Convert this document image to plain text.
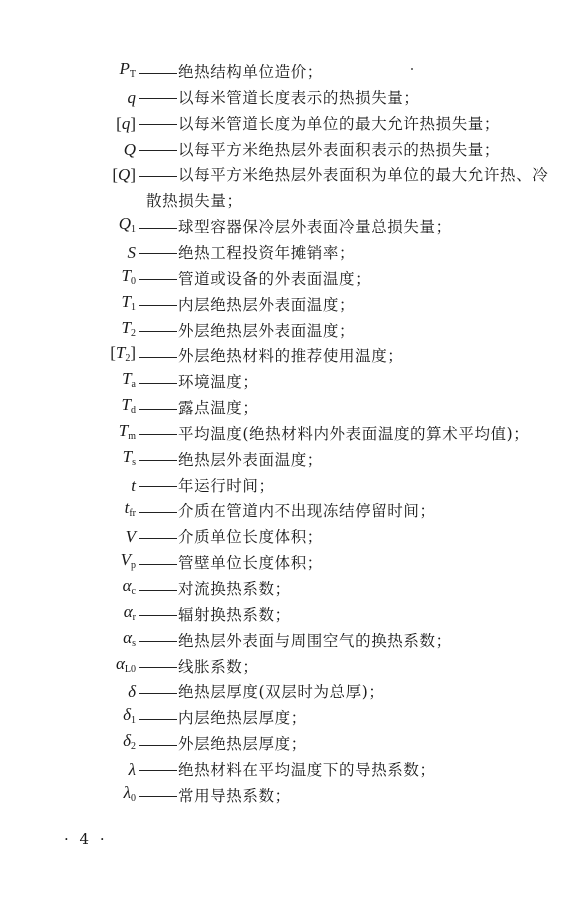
$P_T$	绝热结构单位造价；
q	以每米管道长度表示的热损失量；
[q]	以每米管道长度为单位的最大允许热损失量；
Q	以每平方米绝热层外表面积表示的热损失量；
[Q]	以每平方米绝热层外表面积为单位的最大允许热、冷
散热损失量；
$Q_1$	球型容器保冷层外表面冷量总损失量；
S	绝热工程投资年摊销率；
$T_0$	管道或设备的外表面温度；
$T_1$	内层绝热层外表面温度；
$T_2$	外层绝热层外表面温度；
$[T_2]$	外层绝热材料的推荐使用温度；
$T_a$	环境温度；
$T_d$	露点温度；
$T_m$	平均温度(绝热材料内外表面温度的算术平均值)；
$T_s$	绝热层外表面温度；
t	年运行时间；
$t_{fr}$	介质在管道内不出现冻结停留时间；
V	介质单位长度体积；
$V_p$	管壁单位长度体积；
$\alpha_c$	对流换热系数；
$\alpha_r$	辐射换热系数；
$\alpha_s$	绝热层外表面与周围空气的换热系数；
$\alpha_{L0}$	线胀系数；
δ	绝热层厚度(双层时为总厚)；
$\delta_1$	内层绝热层厚度；
$\delta_2$	外层绝热层厚度；
λ	绝热材料在平均温度下的导热系数；
$\lambda_0$	常用导热系数；
· 4 ·
